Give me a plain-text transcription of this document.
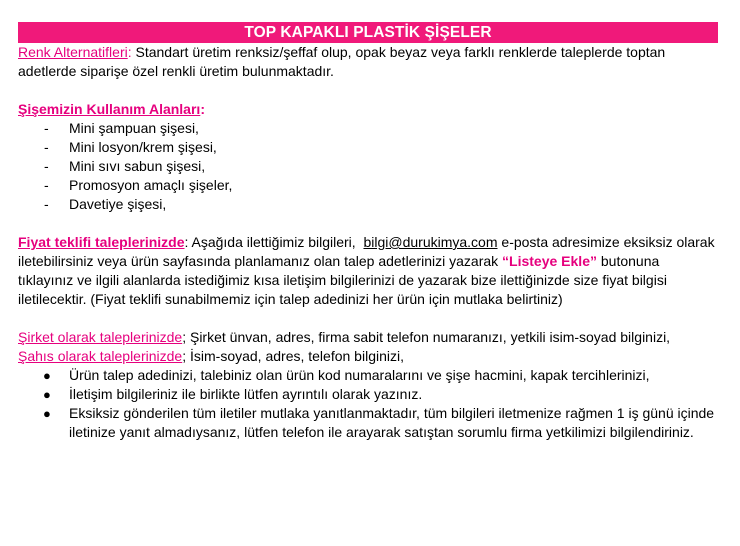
TOP KAPAKLI PLASTİK ŞİŞELER
Renk Alternatifleri: Standart üretim renksiz/şeffaf olup, opak beyaz veya farklı renklerde taleplerde toptan adetlerde siparişe özel renkli üretim bulunmaktadır.
Şişemizin Kullanım Alanları:
- Mini şampuan şişesi,
- Mini losyon/krem şişesi,
- Mini sıvı sabun şişesi,
- Promosyon amaçlı şişeler,
- Davetiye şişesi,
Fiyat teklifi taleplerinizde: Aşağıda ilettiğimiz bilgileri,  bilgi@durukimya.com e-posta adresimize eksiksiz olarak iletebilirsiniz veya ürün sayfasında planlamanız olan talep adetlerinizi yazarak “Listeye Ekle” butonuna tıklayınız ve ilgili alanlarda istediğimiz kısa iletişim bilgilerinizi de yazarak bize ilettiğinizde size fiyat bilgisi iletilecektir. (Fiyat teklifi sunabilmemiz için talep adedinizi her ürün için mutlaka belirtiniz)
Şirket olarak taleplerinizde; Şirket ünvan, adres, firma sabit telefon numaranızı, yetkili isim-soyad bilginizi,
Şahıs olarak taleplerinizde; İsim-soyad, adres, telefon bilginizi,
● Ürün talep adedinizi, talebiniz olan ürün kod numaralarını ve şişe hacmini, kapak tercihlerinizi,
● İletişim bilgileriniz ile birlikte lütfen ayrıntılı olarak yazınız.
● Eksiksiz gönderilen tüm iletiler mutlaka yanıtlanmaktadır, tüm bilgileri iletmenize rağmen 1 iş günü içinde iletinize yanıt almadıysanız, lütfen telefon ile arayarak satıştan sorumlu firma yetkilimizi bilgilendiriniz.
